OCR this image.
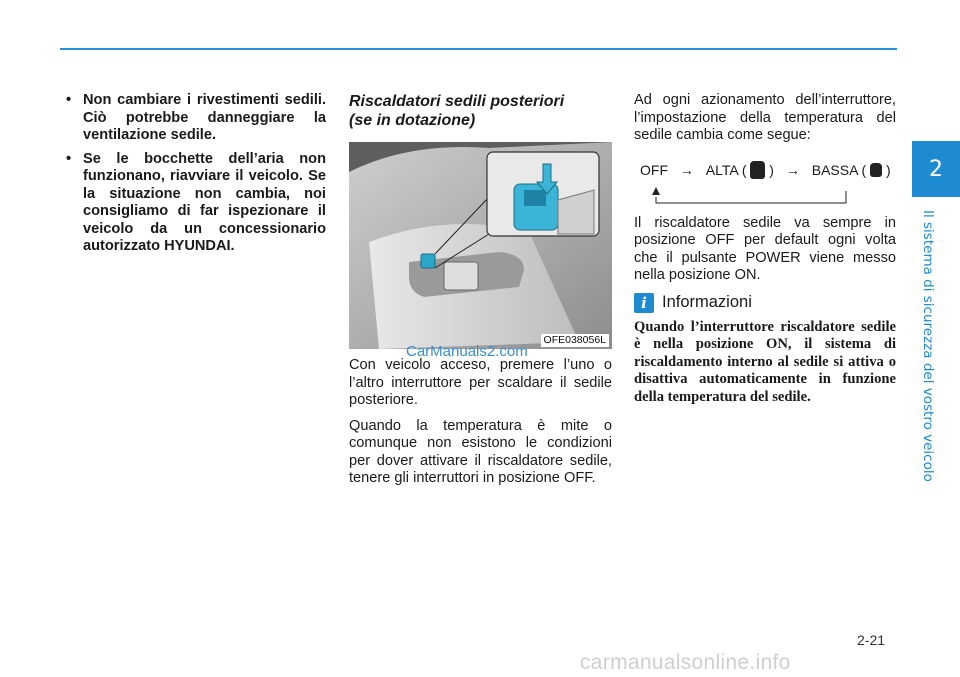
2
Il sistema di sicurezza del vostro veicolo

• Non cambiare i rivestimenti sedili. Ciò potrebbe danneggiare la ventilazione sedile.

• Se le bocchette dell’aria non funzionano, riavviare il veicolo. Se la situazione non cambia, noi consigliamo di far ispezionare il veicolo da un concessionario autorizzato HYUNDAI.

Riscaldatori sedili posteriori
(se in dotazione)
OFE038056L

Con veicolo acceso, premere l’uno o l’altro interruttore per scaldare il sedile posteriore.

Quando la temperatura è mite o comunque non esistono le condizioni per dover attivare il riscaldatore sedile, tenere gli interruttori in posizione OFF.

CarManuals2.com

Ad ogni azionamento dell’interruttore, l’impostazione della temperatura del sedile cambia come segue:

OFF → ALTA ( ) → BASSA ( )

Il riscaldatore sedile va sempre in posizione OFF per default ogni volta che il pulsante POWER viene messo nella posizione ON.

i Informazioni

Quando l’interruttore riscaldatore sedile è nella posizione ON, il sistema di riscaldamento interno al sedile si attiva o disattiva automaticamente in funzione della temperatura del sedile.

2-21
carmanualsonline.info
